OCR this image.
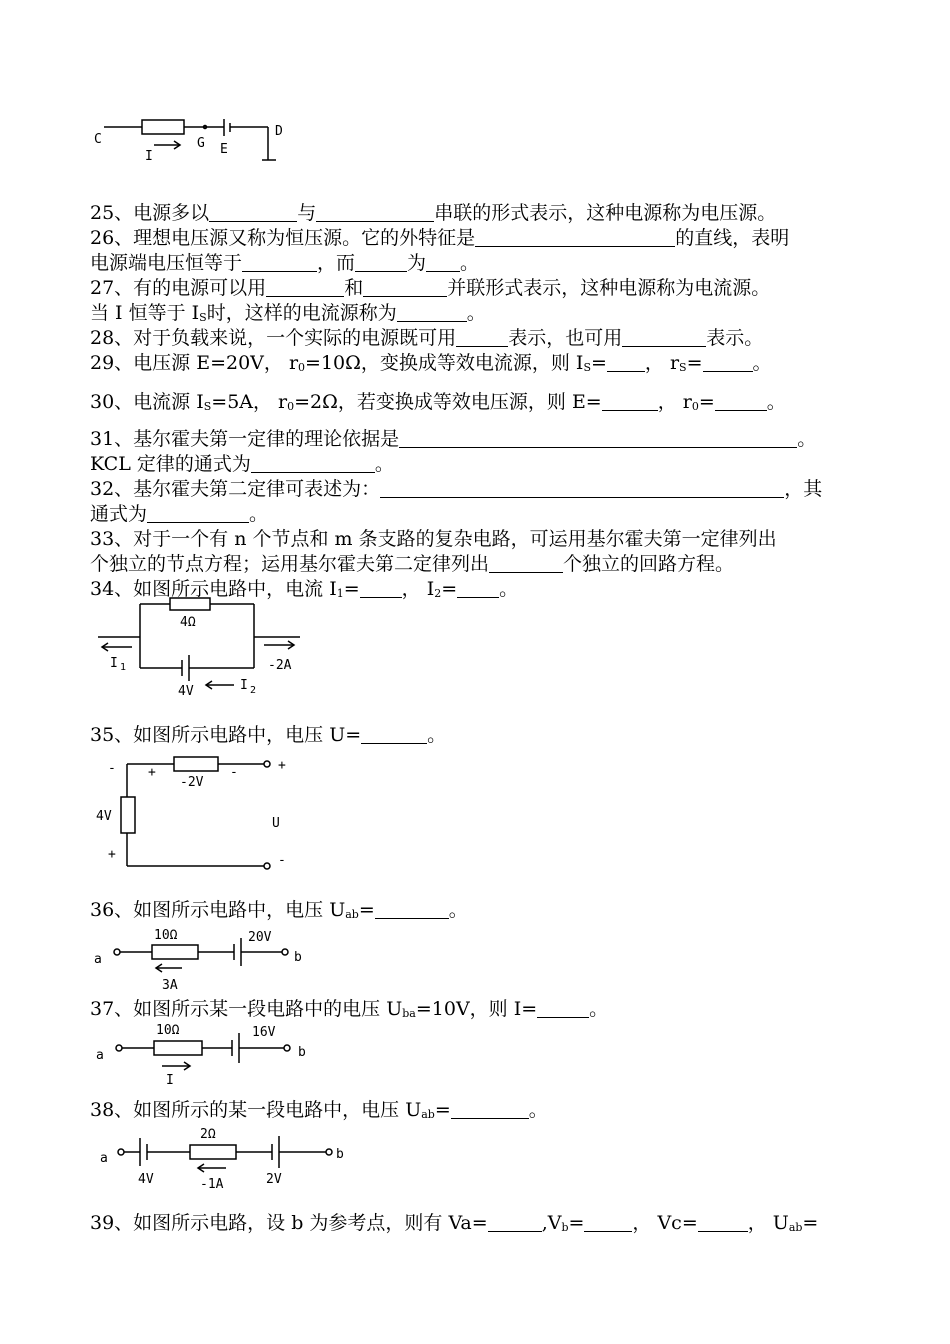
C
D
I
G E
25、电源多以	与	串联的形式表示，这种电源称为电压源。
26、理想电压源又称为恒压源。它的外特征是	的直线，表明
电源端电压恒等于	，而	为 。
27、有的电源可以用	和	并联形式表示，这种电源称为电流源。
当 I 恒等于 $I_S$时，这样的电流源称为	。
28、对于负载来说，一个实际的电源既可用	表示，也可用	表示。
29、电压源 E=20V， $r_0=10\Omega$，变换成等效电流源，则 $I_S=$ ， $r_S=$	。
30、电流源 $I_S=5A$， $r_0=2\Omega$，若变换成等效电压源，则 E=	， $r_0=$	。
31、基尔霍夫第一定律的理论依据是	。
KCL 定律的通式为	。
32、基尔霍夫第二定律可表述为：	，其
通式为	。
33、对于一个有 n 个节点和 m 条支路的复杂电路，可运用基尔霍夫第一定律列出
个独立的节点方程；运用基尔霍夫第二定律列出	个独立的回路方程。
34、如图所示电路中，电流 $I_1=$ ， $I_2=$ 。
4Ω
I 1
4V	I 2
-2A
35、如图所示电路中，电压 U=	。
- +
-2V
-	+
4V	U
+	-
36、如图所示电路中，电压 $U_{ab}=$	。
a
10Ω	20V
b
3A
37、如图所示某一段电路中的电压 $U_{ba}=10V$，则 I=	。
a
10Ω	16V
b
I
38、如图所示的某一段电路中，电压 $U_{ab}=$	。
a
2Ω
b
4V	-1A	2V
39、如图所示电路，设 b 为参考点，则有 Va=	$,V_b=$	， Vc=	， $U_{ab}=$
